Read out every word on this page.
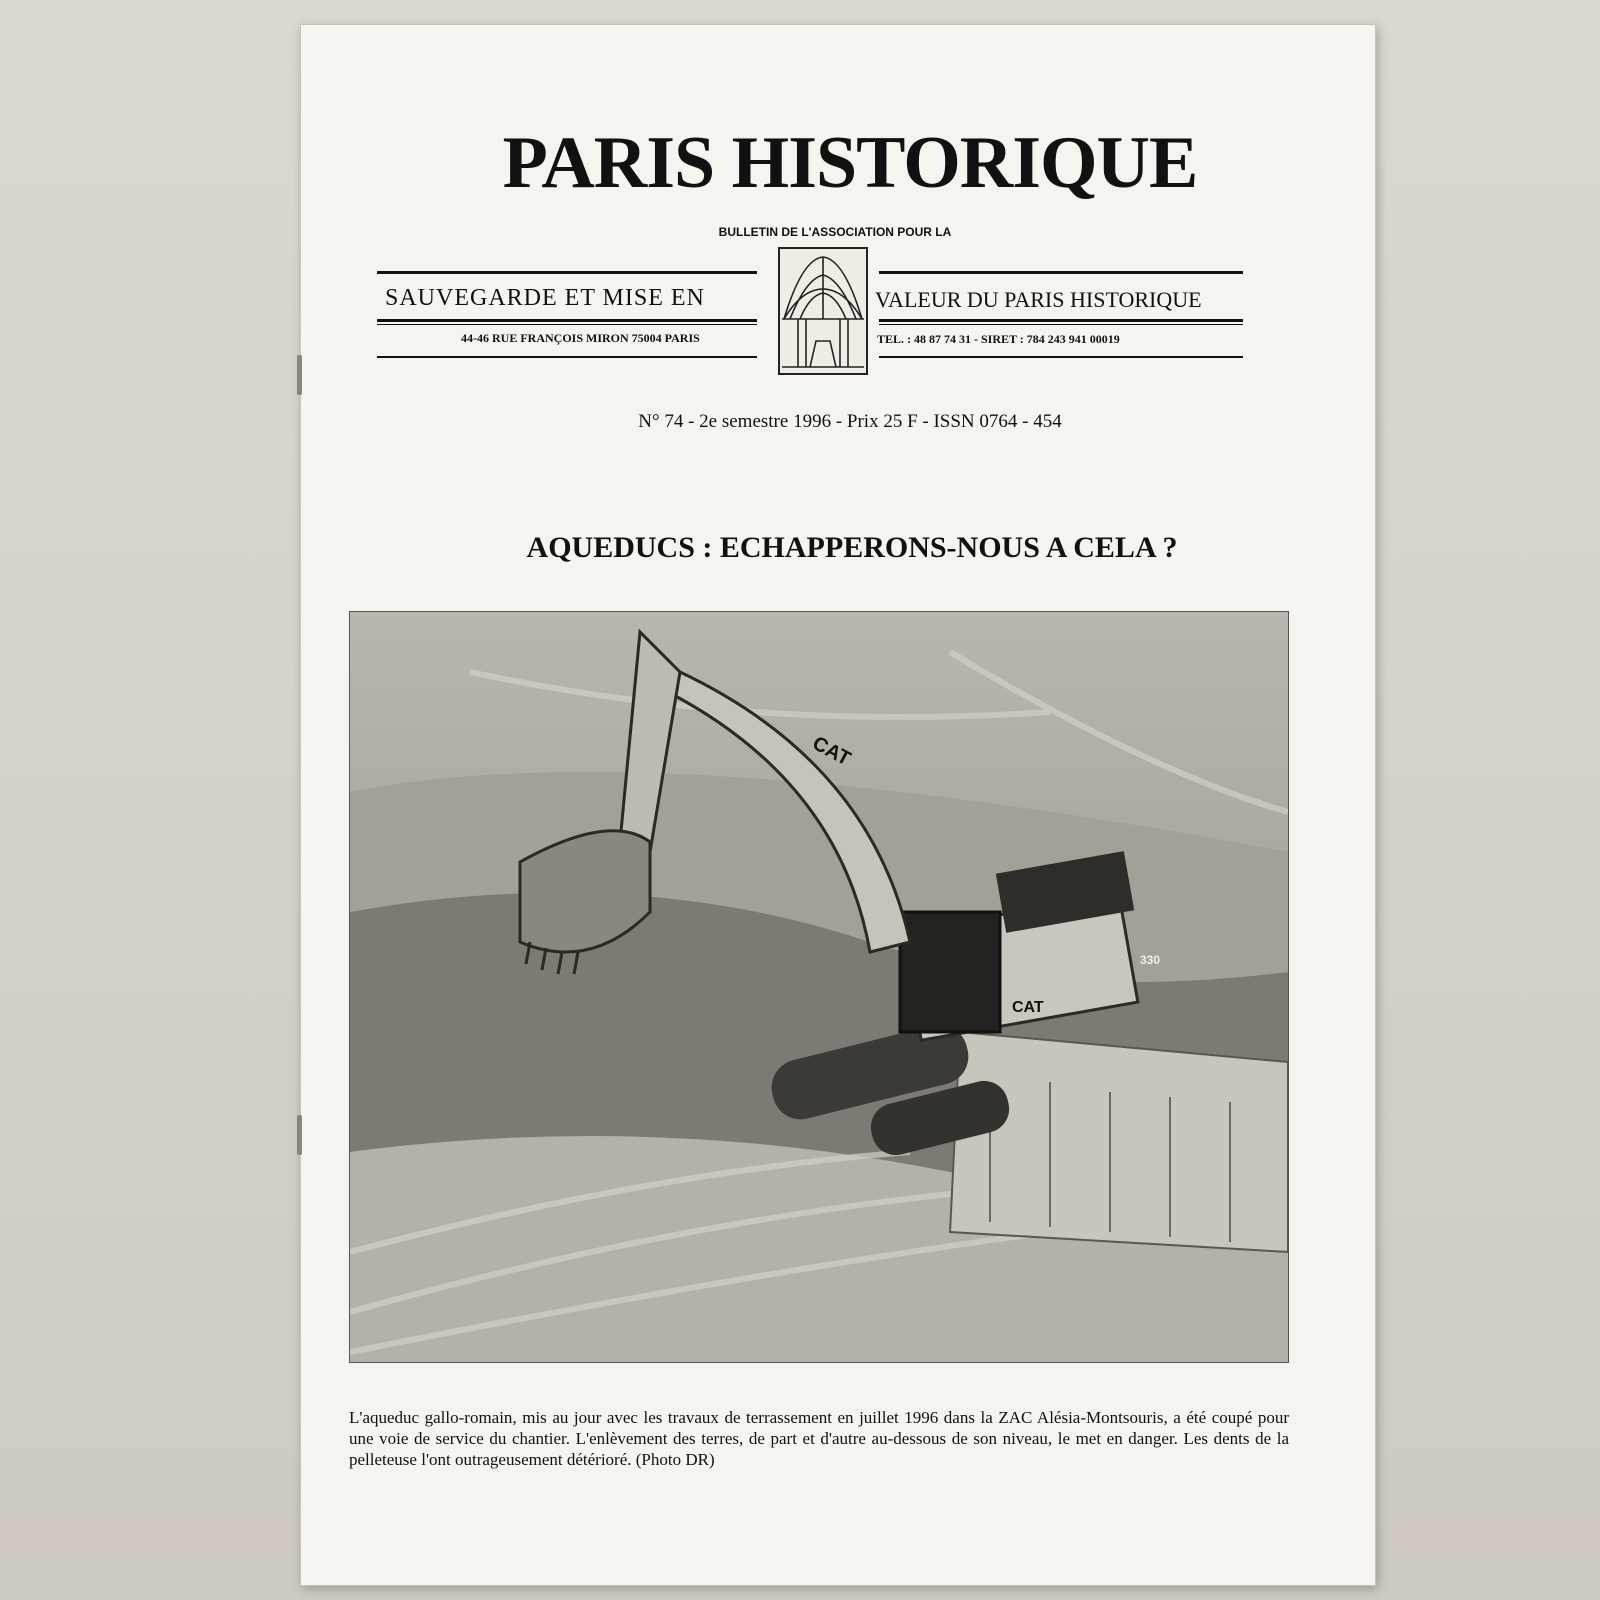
PARIS HISTORIQUE
BULLETIN DE L'ASSOCIATION POUR LA
SAUVEGARDE ET MISE EN	VALEUR DU PARIS HISTORIQUE
44-46 RUE FRANÇOIS MIRON 75004 PARIS	TEL. : 48 87 74 31 - SIRET : 784 243 941 00019
N° 74 - 2e semestre 1996 - Prix 25 F - ISSN 0764 - 454
AQUEDUCS : ECHAPPERONS-NOUS A CELA ?
CAT
CAT
330
L'aqueduc gallo-romain, mis au jour avec les travaux de terrassement en juillet 1996 dans la ZAC Alésia-Montsouris, a été coupé pour une voie de service du chantier. L'enlèvement des terres, de part et d'autre au-dessous de son niveau, le met en danger. Les dents de la pelleteuse l'ont outrageusement détérioré. (Photo DR)
